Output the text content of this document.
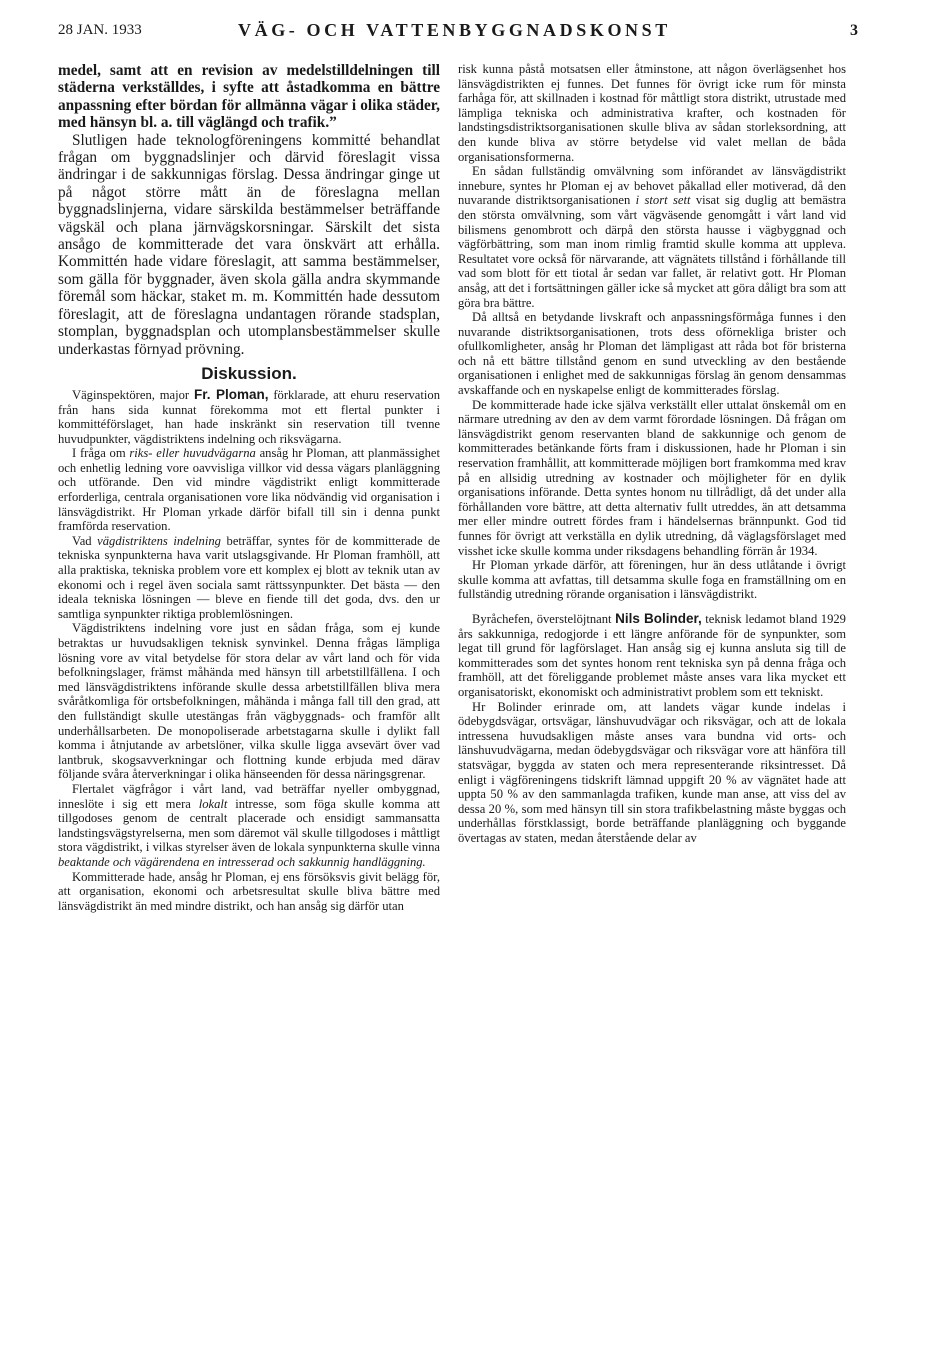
28 JAN. 1933	VÄG- OCH VATTENBYGGNADSKONST	3

medel, samt att en revision av medelstilldelningen till städerna verkställdes, i syfte att åstadkomma en bättre anpassning efter bördan för allmänna vägar i olika städer, med hänsyn bl. a. till väglängd och trafik.”

Slutligen hade teknologföreningens kommitté behandlat frågan om byggnadslinjer och därvid föreslagit vissa ändringar i de sakkunnigas förslag. Dessa ändringar ginge ut på något större mått än de föreslagna mellan byggnadslinjerna, vidare särskilda bestämmelser beträffande vägskäl och plana järnvägskorsningar. Särskilt det sista ansågo de kommitterade det vara önskvärt att erhålla. Kommittén hade vidare föreslagit, att samma bestämmelser, som gälla för byggnader, även skola gälla andra skymmande föremål som häckar, staket m. m. Kommittén hade dessutom föreslagit, att de föreslagna undantagen rörande stadsplan, stomplan, byggnadsplan och utomplansbestämmelser skulle underkastas förnyad prövning.

Diskussion.

Väginspektören, major Fr. Ploman, förklarade, att ehuru reservation från hans sida kunnat förekomma mot ett flertal punkter i kommittéförslaget, han hade inskränkt sin reservation till tvenne huvudpunkter, vägdistriktens indelning och riksvägarna.

I fråga om riks- eller huvudvägarna ansåg hr Ploman, att planmässighet och enhetlig ledning vore oavvisliga villkor vid dessa vägars planläggning och utförande. Den vid mindre vägdistrikt enligt kommitterade erforderliga, centrala organisationen vore lika nödvändig vid organisation i länsvägdistrikt. Hr Ploman yrkade därför bifall till sin i denna punkt framförda reservation.

Vad vägdistriktens indelning beträffar, syntes för de kommitterade de tekniska synpunkterna hava varit utslagsgivande. Hr Ploman framhöll, att alla praktiska, tekniska problem vore ett komplex ej blott av teknik utan av ekonomi och i regel även sociala samt rättssynpunkter. Det bästa — den ideala tekniska lösningen — bleve en fiende till det goda, dvs. den ur samtliga synpunkter riktiga problemlösningen.

Vägdistriktens indelning vore just en sådan fråga, som ej kunde betraktas ur huvudsakligen teknisk synvinkel. Denna frågas lämpliga lösning vore av vital betydelse för stora delar av vårt land och för vida befolkningslager, främst måhända med hänsyn till arbetstillfällena. I och med länsvägdistriktens införande skulle dessa arbetstillfällen bliva mera svåråtkomliga för ortsbefolkningen, måhända i många fall till den grad, att den fullständigt skulle utestängas från vägbyggnads- och framför allt underhållsarbeten. De monopoliserade arbetstagarna skulle i dylikt fall komma i åtnjutande av arbetslöner, vilka skulle ligga avsevärt över vad lantbruk, skogsavverkningar och flottning kunde erbjuda med därav följande svåra återverkningar i olika hänseenden för dessa näringsgrenar.

Flertalet vägfrågor i vårt land, vad beträffar nyeller ombyggnad, inneslöte i sig ett mera lokalt intresse, som föga skulle komma att tillgodoses genom de centralt placerade och ensidigt sammansatta landstingsvägstyrelserna, men som däremot väl skulle tillgodoses i måttligt stora vägdistrikt, i vilkas styrelser även de lokala synpunkterna skulle vinna beaktande och vägärendena en intresserad och sakkunnig handläggning.

Kommitterade hade, ansåg hr Ploman, ej ens försöksvis givit belägg för, att organisation, ekonomi och arbetsresultat skulle bliva bättre med länsvägdistrikt än med mindre distrikt, och han ansåg sig därför utan

risk kunna påstå motsatsen eller åtminstone, att någon överlägsenhet hos länsvägdistrikten ej funnes. Det funnes för övrigt icke rum för minsta farhåga för, att skillnaden i kostnad för måttligt stora distrikt, utrustade med lämpliga tekniska och administrativa krafter, och kostnaden för landstingsdistriktsorganisationen skulle bliva av sådan storleksordning, att den kunde bliva av större betydelse vid valet mellan de båda organisationsformerna.

En sådan fullständig omvälvning som införandet av länsvägdistrikt innebure, syntes hr Ploman ej av behovet påkallad eller motiverad, då den nuvarande distriktsorganisationen i stort sett visat sig duglig att bemästra den största omvälvning, som vårt vägväsende genomgått i vårt land vid bilismens genombrott och därpå den största hausse i vägbyggnad och vägförbättring, som man inom rimlig framtid skulle komma att uppleva. Resultatet vore också för närvarande, att vägnätets tillstånd i förhållande till vad som blott för ett tiotal år sedan var fallet, är relativt gott. Hr Ploman ansåg, att det i fortsättningen gäller icke så mycket att göra dåligt bra som att göra bra bättre.

Då alltså en betydande livskraft och anpassningsförmåga funnes i den nuvarande distriktsorganisationen, trots dess oförnekliga brister och ofullkomligheter, ansåg hr Ploman det lämpligast att råda bot för bristerna och nå ett bättre tillstånd genom en sund utveckling av den bestående organisationen i enlighet med de sakkunnigas förslag än genom densammas avskaffande och en nyskapelse enligt de kommitterades förslag.

De kommitterade hade icke själva verkställt eller uttalat önskemål om en närmare utredning av den av dem varmt förordade lösningen. Då frågan om länsvägdistrikt genom reservanten bland de sakkunnige och genom de kommitterades betänkande förts fram i diskussionen, hade hr Ploman i sin reservation framhållit, att kommitterade möjligen bort framkomma med krav på en allsidig utredning av kostnader och möjligheter för en dylik organisations införande. Detta syntes honom nu tillrådligt, då det under alla förhållanden vore bättre, att detta alternativ fullt utreddes, än att detsamma mer eller mindre outrett fördes fram i händelsernas brännpunkt. God tid funnes för övrigt att verkställa en dylik utredning, då väglagsförslaget med visshet icke skulle komma under riksdagens behandling förrän år 1934.

Hr Ploman yrkade därför, att föreningen, hur än dess utlåtande i övrigt skulle komma att avfattas, till detsamma skulle foga en framställning om en fullständig utredning rörande organisation i länsvägdistrikt.

Byråchefen, överstelöjtnant Nils Bolinder, teknisk ledamot bland 1929 års sakkunniga, redogjorde i ett längre anförande för de synpunkter, som legat till grund för lagförslaget. Han ansåg sig ej kunna ansluta sig till de kommitterades som det syntes honom rent tekniska syn på denna fråga och framhöll, att det föreliggande problemet måste anses vara lika mycket ett organisatoriskt, ekonomiskt och administrativt problem som ett tekniskt.

Hr Bolinder erinrade om, att landets vägar kunde indelas i ödebygdsvägar, ortsvägar, länshuvudvägar och riksvägar, och att de lokala intressena huvudsakligen måste anses vara bundna vid orts- och länshuvudvägarna, medan ödebygdsvägar och riksvägar vore att hänföra till statsvägar, byggda av staten och mera representerande riksintresset. Då enligt i vägföreningens tidskrift lämnad uppgift 20 % av vägnätet hade att uppta 50 % av den sammanlagda trafiken, kunde man anse, att viss del av dessa 20 %, som med hänsyn till sin stora trafikbelastning måste byggas och underhållas förstklassigt, borde beträffande planläggning och byggande övertagas av staten, medan återstående delar av
